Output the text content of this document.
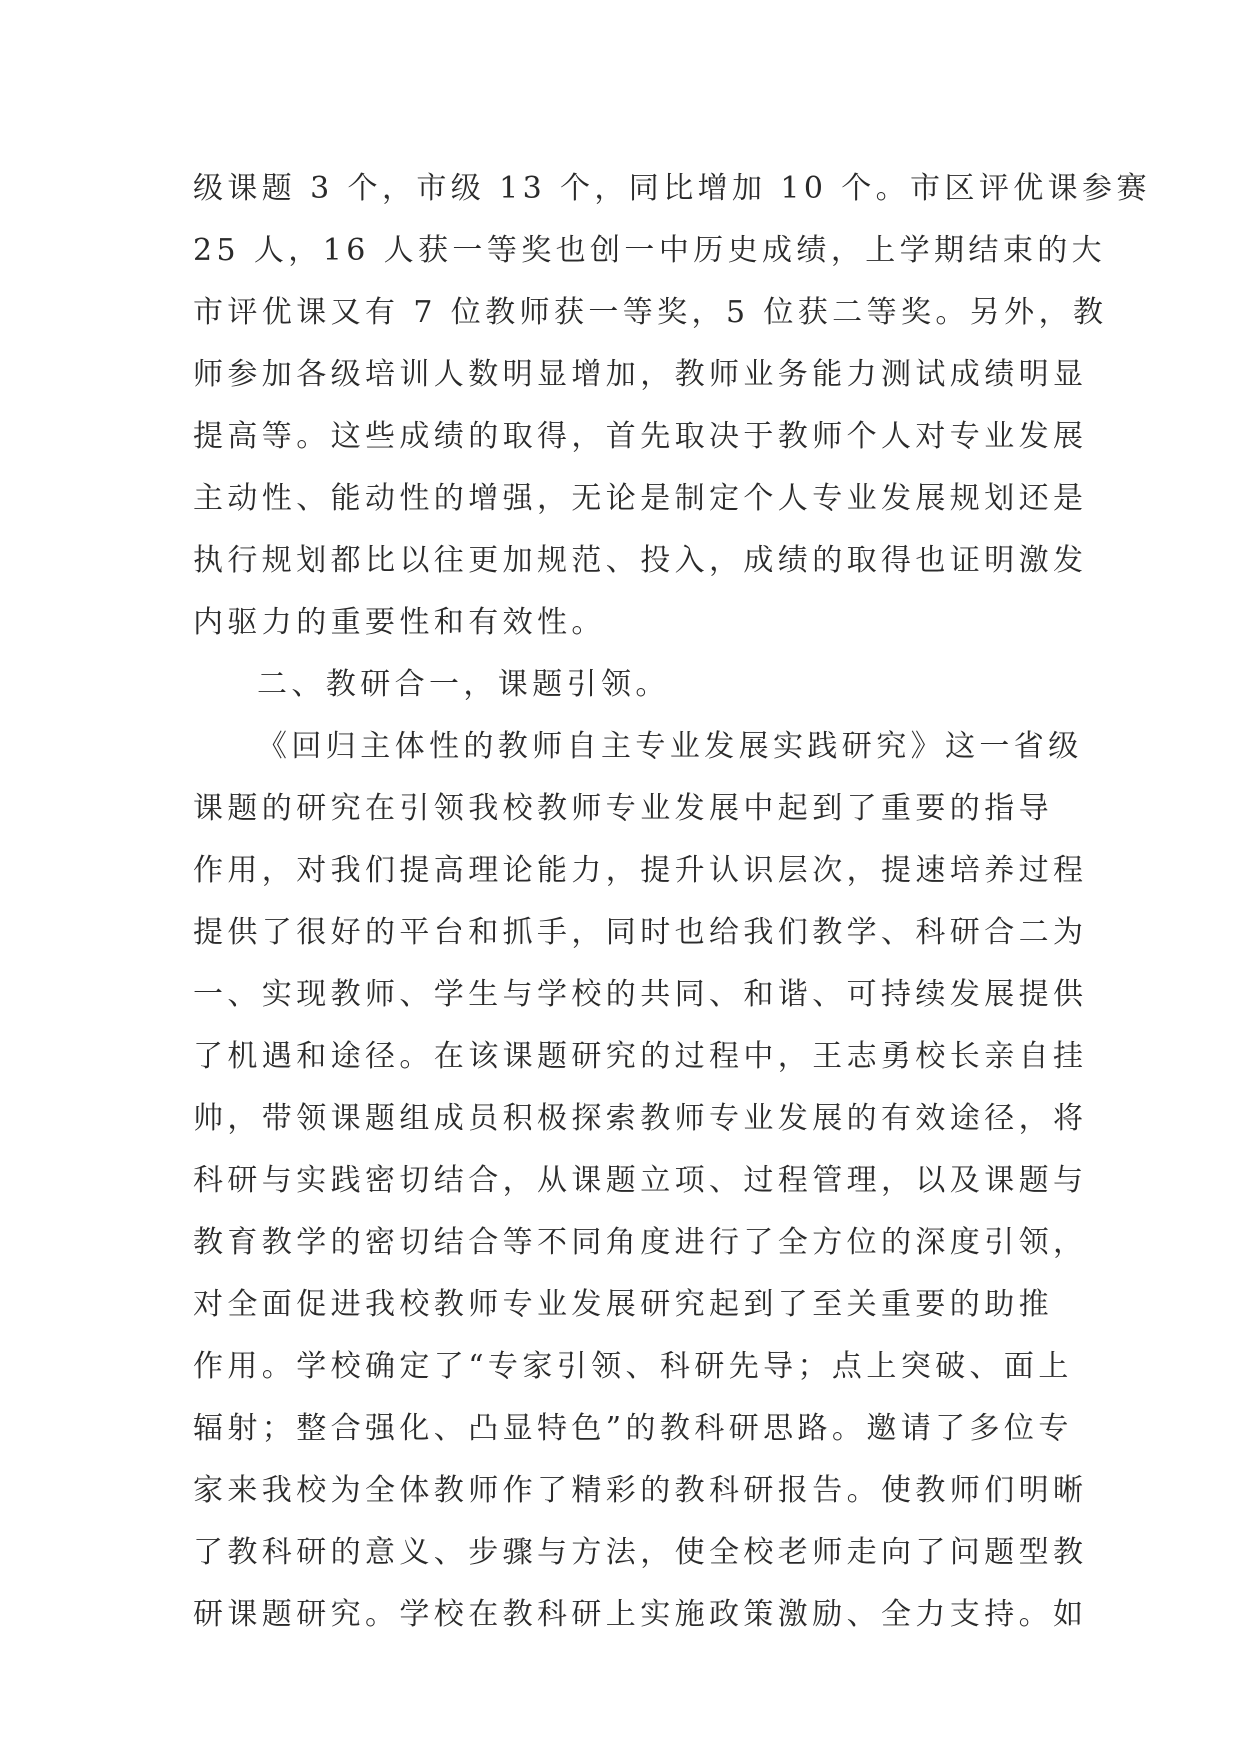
级课题 3 个，市级 13 个，同比增加 10 个。市区评优课参赛
25 人，16 人获一等奖也创一中历史成绩，上学期结束的大
市评优课又有 7 位教师获一等奖，5 位获二等奖。另外，教
师参加各级培训人数明显增加，教师业务能力测试成绩明显
提高等。这些成绩的取得，首先取决于教师个人对专业发展
主动性、能动性的增强，无论是制定个人专业发展规划还是
执行规划都比以往更加规范、投入，成绩的取得也证明激发
内驱力的重要性和有效性。
二、教研合一，课题引领。
《回归主体性的教师自主专业发展实践研究》这一省级
课题的研究在引领我校教师专业发展中起到了重要的指导
作用，对我们提高理论能力，提升认识层次，提速培养过程
提供了很好的平台和抓手，同时也给我们教学、科研合二为
一、实现教师、学生与学校的共同、和谐、可持续发展提供
了机遇和途径。在该课题研究的过程中，王志勇校长亲自挂
帅，带领课题组成员积极探索教师专业发展的有效途径，将
科研与实践密切结合，从课题立项、过程管理，以及课题与
教育教学的密切结合等不同角度进行了全方位的深度引领，
对全面促进我校教师专业发展研究起到了至关重要的助推
作用。学校确定了“专家引领、科研先导；点上突破、面上
辐射；整合强化、凸显特色”的教科研思路。邀请了多位专
家来我校为全体教师作了精彩的教科研报告。使教师们明晰
了教科研的意义、步骤与方法，使全校老师走向了问题型教
研课题研究。学校在教科研上实施政策激励、全力支持。如
